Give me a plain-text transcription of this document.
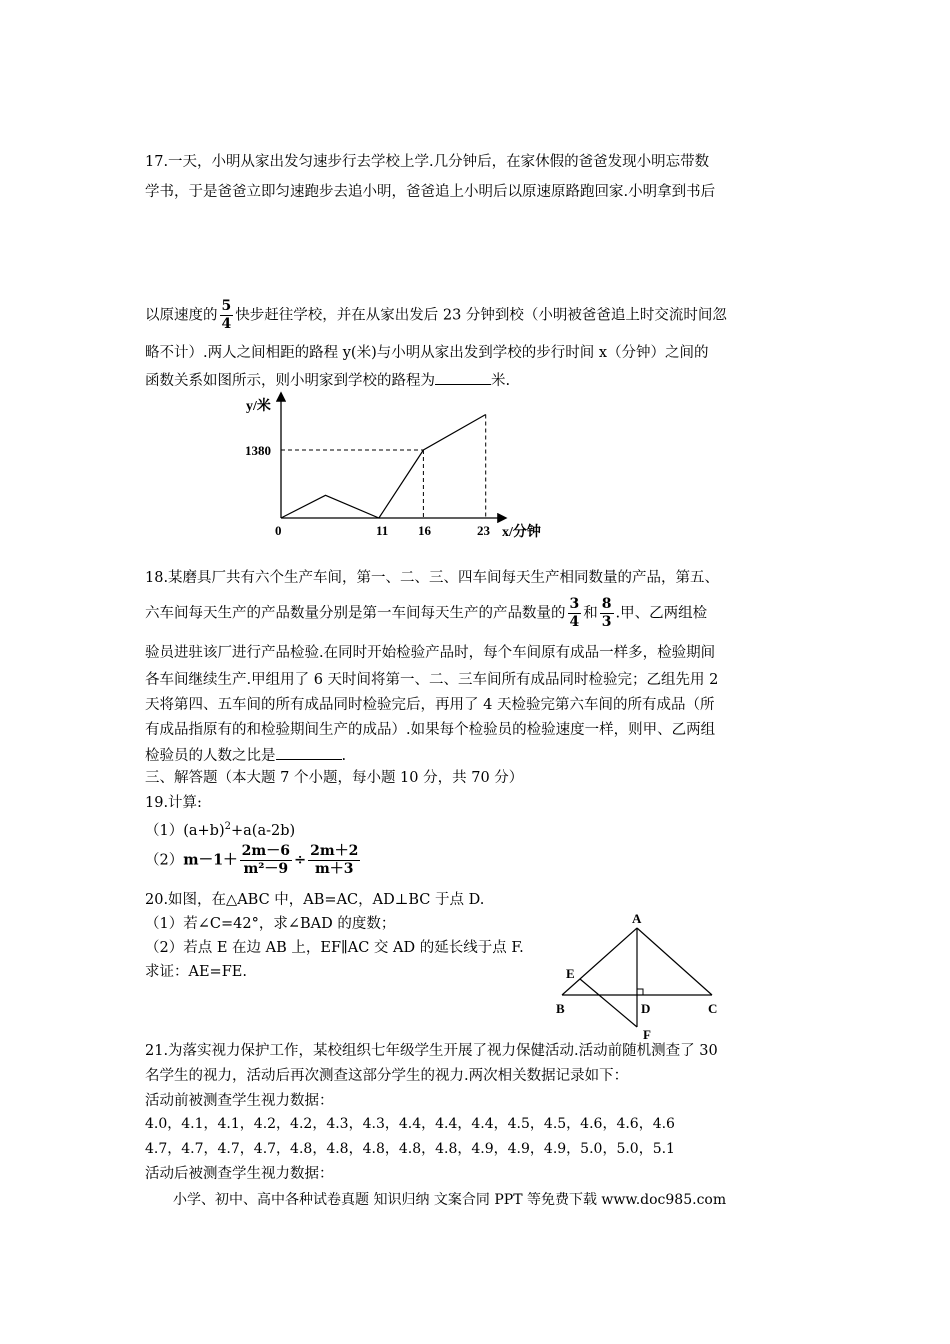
17.一天，小明从家出发匀速步行去学校上学.几分钟后，在家休假的爸爸发现小明忘带数
学书，于是爸爸立即匀速跑步去追小明，爸爸追上小明后以原速原路跑回家.小明拿到书后
以原速度的 $\frac{5}{4}$ 快步赶往学校，并在从家出发后 23 分钟到校（小明被爸爸追上时交流时间忽
略不计）.两人之间相距的路程 y(米)与小明从家出发到学校的步行时间 x（分钟）之间的
函数关系如图所示，则小明家到学校的路程为	米.
y/米
x/分钟
0
1380
11 16	23
18.某磨具厂共有六个生产车间，第一、二、三、四车间每天生产相同数量的产品，第五、
六车间每天生产的产品数量分别是第一车间每天生产的产品数量的 $\frac{3}{4}$ 和 $\frac{8}{3}$ .甲、乙两组检
验员进驻该厂进行产品检验.在同时开始检验产品时，每个车间原有成品一样多，检验期间
各车间继续生产.甲组用了 6 天时间将第一、二、三车间所有成品同时检验完；乙组先用 2
天将第四、五车间的所有成品同时检验完后，再用了 4 天检验完第六车间的所有成品（所
有成品指原有的和检验期间生产的成品）.如果每个检验员的检验速度一样，则甲、乙两组
检验员的人数之比是	.
三、解答题（本大题 7 个小题，每小题 10 分，共 70 分）
19.计算:
$(1)(a+b)^2+a(a-2b)$
$(2)m-1+ \frac{2m-6}{\text{m²－9}} \div \frac{2m+2}{m+3}$
20.如图，在△ABC 中，AB=AC，AD⊥BC 于点 D.
（1）若∠C=42°，求∠BAD 的度数；
（2）若点 E 在边 AB 上，EF∥AC 交 AD 的延长线于点 F.
求证：AE=FE.
A
B	C
D
E
F
21.为落实视力保护工作，某校组织七年级学生开展了视力保健活动.活动前随机测查了 30
名学生的视力，活动后再次测查这部分学生的视力.两次相关数据记录如下：
活动前被测查学生视力数据：
4.0，4.1，4.1，4.2，4.2，4.3，4.3，4.4，4.4，4.4，4.5，4.5，4.6，4.6，4.6
4.7，4.7，4.7，4.7，4.8，4.8，4.8，4.8，4.8，4.9，4.9，4.9，5.0，5.0，5.1
活动后被测查学生视力数据：
小学、初中、高中各种试卷真题 知识归纳 文案合同 PPT 等免费下载 www.doc985.com
